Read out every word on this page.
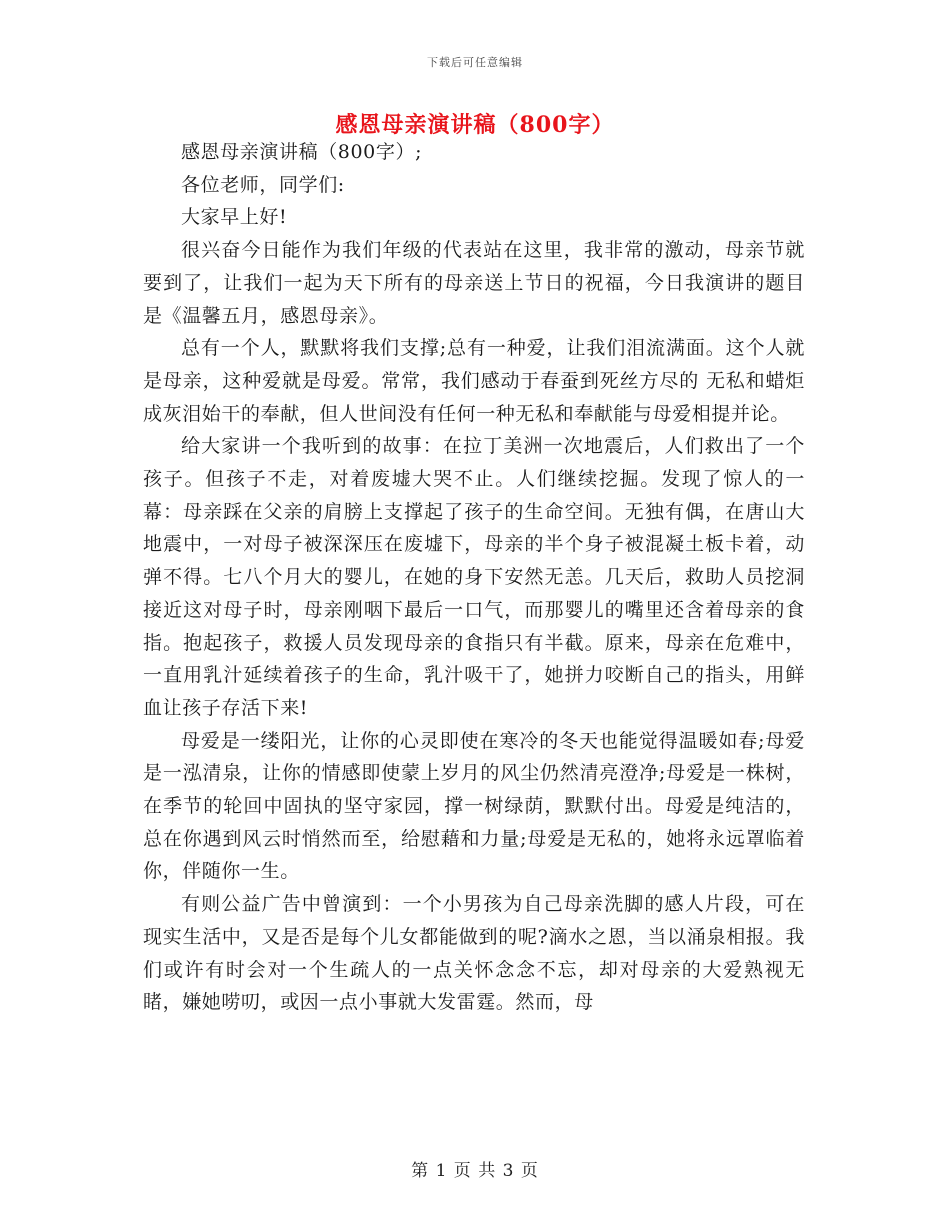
下载后可任意编辑
感恩母亲演讲稿（800字）

感恩母亲演讲稿（800字）;

各位老师，同学们:

大家早上好!

很兴奋今日能作为我们年级的代表站在这里，我非常的激动，母亲节就要到了，让我们一起为天下所有的母亲送上节日的祝福，今日我演讲的题目是《温馨五月，感恩母亲》。

总有一个人，默默将我们支撑;总有一种爱，让我们泪流满面。这个人就是母亲，这种爱就是母爱。常常，我们感动于春蚕到死丝方尽的 无私和蜡炬成灰泪始干的奉献，但人世间没有任何一种无私和奉献能与母爱相提并论。

给大家讲一个我听到的故事：在拉丁美洲一次地震后，人们救出了一个孩子。但孩子不走，对着废墟大哭不止。人们继续挖掘。发现了惊人的一幕：母亲踩在父亲的肩膀上支撑起了孩子的生命空间。无独有偶，在唐山大地震中，一对母子被深深压在废墟下，母亲的半个身子被混凝土板卡着，动弹不得。七八个月大的婴儿，在她的身下安然无恙。几天后，救助人员挖洞接近这对母子时，母亲刚咽下最后一口气，而那婴儿的嘴里还含着母亲的食指。抱起孩子，救援人员发现母亲的食指只有半截。原来，母亲在危难中，一直用乳汁延续着孩子的生命，乳汁吸干了，她拼力咬断自己的指头，用鲜血让孩子存活下来!

母爱是一缕阳光，让你的心灵即使在寒冷的冬天也能觉得温暖如春;母爱是一泓清泉，让你的情感即使蒙上岁月的风尘仍然清亮澄净;母爱是一株树，在季节的轮回中固执的坚守家园，撑一树绿荫，默默付出。母爱是纯洁的，总在你遇到风云时悄然而至，给慰藉和力量;母爱是无私的，她将永远罩临着你，伴随你一生。

有则公益广告中曾演到：一个小男孩为自己母亲洗脚的感人片段，可在现实生活中，又是否是每个儿女都能做到的呢?滴水之恩，当以涌泉相报。我们或许有时会对一个生疏人的一点关怀念念不忘，却对母亲的大爱熟视无睹，嫌她唠叨，或因一点小事就大发雷霆。然而，母

第 1 页 共 3 页
